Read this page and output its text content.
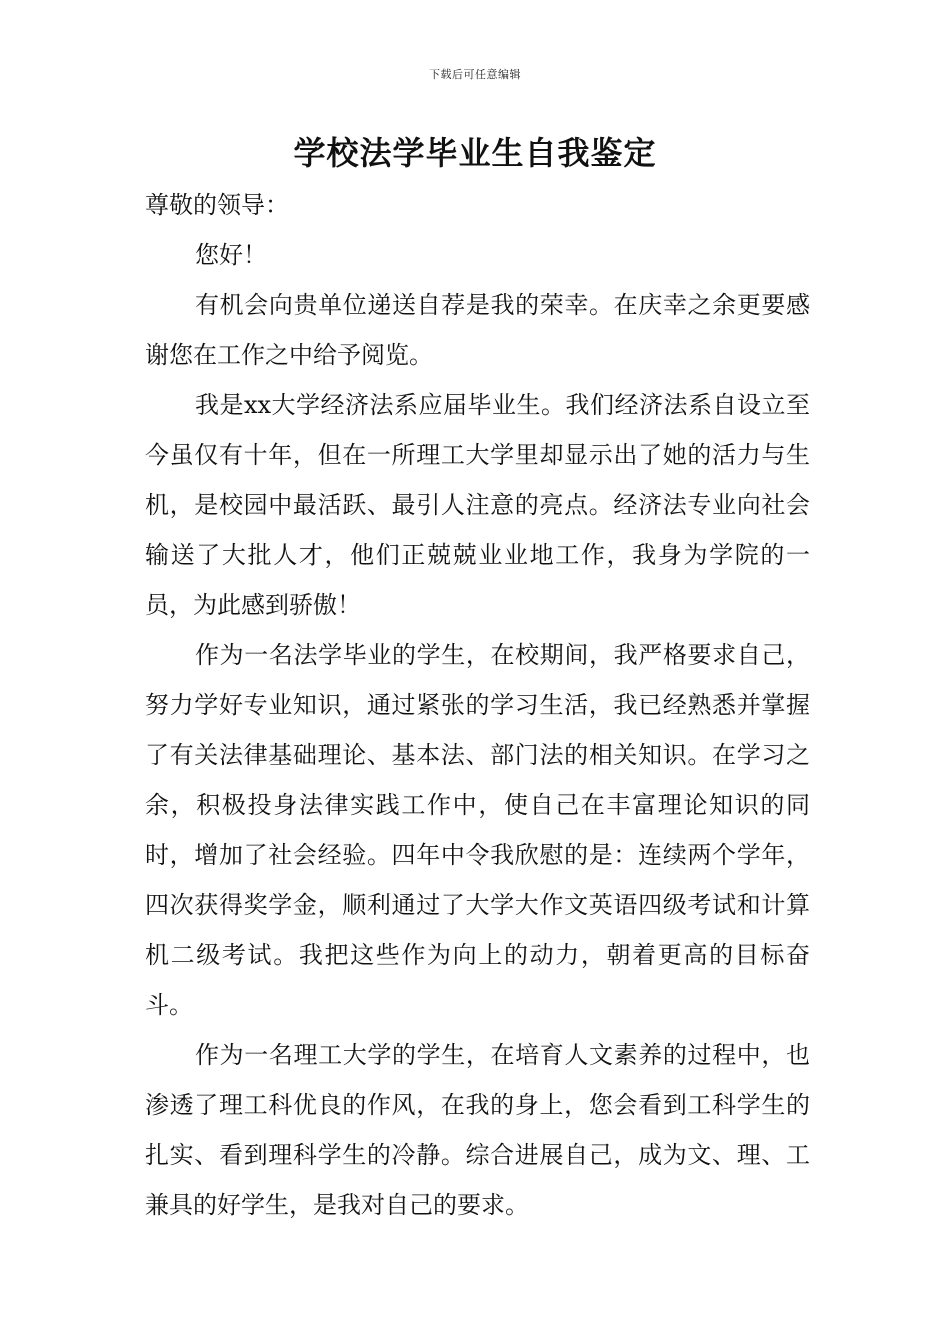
下载后可任意编辑
学校法学毕业生自我鉴定

尊敬的领导：

您好！

有机会向贵单位递送自荐是我的荣幸。在庆幸之余更要感谢您在工作之中给予阅览。

我是xx大学经济法系应届毕业生。我们经济法系自设立至今虽仅有十年，但在一所理工大学里却显示出了她的活力与生机，是校园中最活跃、最引人注意的亮点。经济法专业向社会输送了大批人才，他们正兢兢业业地工作，我身为学院的一员，为此感到骄傲！

作为一名法学毕业的学生，在校期间，我严格要求自己，努力学好专业知识，通过紧张的学习生活，我已经熟悉并掌握了有关法律基础理论、基本法、部门法的相关知识。在学习之余，积极投身法律实践工作中，使自己在丰富理论知识的同时，增加了社会经验。四年中令我欣慰的是：连续两个学年，四次获得奖学金，顺利通过了大学大作文英语四级考试和计算机二级考试。我把这些作为向上的动力，朝着更高的目标奋斗。

作为一名理工大学的学生，在培育人文素养的过程中，也渗透了理工科优良的作风，在我的身上，您会看到工科学生的扎实、看到理科学生的冷静。综合进展自己，成为文、理、工兼具的好学生，是我对自己的要求。
